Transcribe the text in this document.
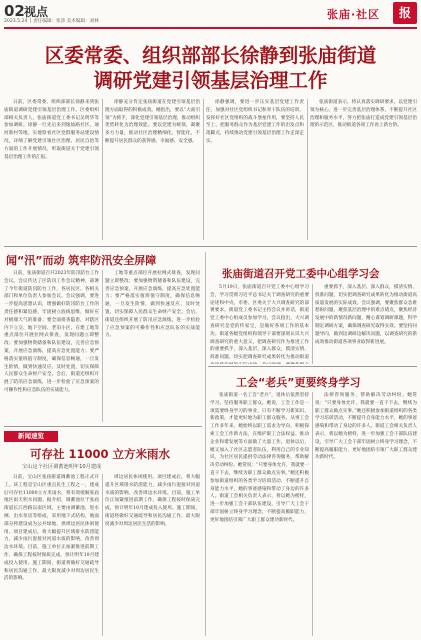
02 视点
2023.5.24 │ 责任编辑：张沛 美术编辑：刘林
张庙·社区	报
区委常委、组织部部长徐静到张庙街道
调研党建引领基层治理工作

日前，区委常委、组织部部长徐静来到张庙街道调研党建引领基层治理工作。区委组织部相关负责人，张庙街道党工委书记吴明华等参加调研。徐静一行先后来到逸仙路社区、通河新村等地，实地察看社区党群服务站建设情况，详细了解党建引领社区治理、居民自治等方面的工作开展情况，听取街道关于党建引领基层治理工作的汇报。

徐静充分肯定张庙街道在党建引领基层治理方面取得的积极成效。她指出，要以“大战引领”为抓手，深化党建引领基层治理，推动组织优势转化为治理效能。要以党建为统领，凝聚多方力量，推动社区治理精细化、智能化，不断提升居民群众的获得感、幸福感、安全感。

徐静强调，要进一步压实基层党建工作责任，加强对社区党组织书记和骨干队伍的培训，发挥好社区党组织的战斗堡垒作用，要坚持人民至上，把服务群众作为基层党建工作的出发点和落脚点，持续推动党建引领基层治理工作走深走实。

张庙街道表示，将认真落实调研要求，以党建引领为核心，进一步完善基层治理体系，不断提升社区治理和服务水平，努力把张庙打造成党建引领基层治理的示范区，推动街道各项工作再上新台阶。

闻“汛”而动 筑牢防汛安全屏障

日前，张庙街道召开2023年防汛防台工作会议。会议传达了区防汛工作会议精神，部署了今年街道防汛防台工作，各居民区、各相关部门和单位负责人参加会议。会议强调，要进一步提高思想认识，增强做好防汛防台工作的责任感和紧迫感，牢固树立底线思维，做好应对极端天气的准备；要全面排查隐患，对辖区内下立交、地下空间、老旧小区、在建工地等重点部位开展拉网式排查，发现问题立即整改；要加强物资储备和队伍建设，完善应急预案，开展应急演练，提高应急处置能力；要严格落实值班值守制度，确保信息畅通，一旦发生险情，做到快速反应、及时处置，切实保障人民群众生命财产安全。会后，街道还组织开展了防汛应急演练，进一步检验了应急预案的可操作性和应急队伍的实战能力。

工地等重点部位开展拉网式排查，发现问题立即整改；要加强物资储备和队伍建设，完善应急预案，开展应急演练，提高应急处置能力；要严格落实值班值守制度，确保信息畅通，一旦发生险情，做到快速反应、及时处置，切实保障人民群众生命财产安全。会后，街道还组织开展了防汛应急演练，进一步检验了应急预案的可操作性和应急队伍的实战能力。

新闻速览
可存社 11000 立方米雨水
宝山这个社区调蓄池明年10月建成

日前，宝山区张庙街道调蓄池工程正式开工。该工程是宝山区重点民生工程之一，建成后可存社11000立方米雨水，将有效缓解张庙地区雨天积水问题。据介绍，调蓄池位于张庙街道长江西路以南区域，主要由调蓄池、进水闸、出水泵房等组成，采用地下式结构，地面部分将建设成为公共绿地，供周边居民休闲使用。项目建成后，将大幅提升区域排水防涝能力，减少雨污混接对河道水质的影响，改善周边水环境。目前，施工单位正加紧推进前期工作，确保工程按时保质完成，预计明年10月建成投入使用。施工期间，街道将做好交通疏导和居民沟通工作，最大限度减少对周边居民生活的影响。

周边居民休闲使用。项目建成后，将大幅提升区域排水防涝能力，减少雨污混接对河道水质的影响，改善周边水环境。目前，施工单位正加紧推进前期工作，确保工程按时保质完成，预计明年10月建成投入使用。施工期间，街道将做好交通疏导和居民沟通工作，最大限度减少对周边居民生活的影响。

张庙街道召开党工委中心组学习会

5月19日，张庙街道召开党工委中心组学习会，学习贯彻习近平总书记关于调查研究的重要论述和中央、市委、区委关于大兴调查研究的部署要求。街道党工委书记主持会议并讲话，街道党工委中心组成员参加学习。会议指出，大兴调查研究是党的传家宝，是做好各项工作的基本功。街道各级党组织和领导干部要深刻认识大兴调查研究的重大意义，把调查研究作为推进工作的重要抓手，深入基层、深入群众，摸清实情、找准问题，切实把调查研究成果转化为推动街道

重要抓手，深入基层、深入群众，摸清实情、找准问题，切实把调查研究成果转化为推动街道高质量发展的实际成效。会议强调，要聚焦群众急难愁盼问题，聚焦基层治理中的难点堵点，聚焦经济发展中的新情况新问题，精心谋划调研课题，科学制定调研方案，确保调查研究取得实效。要坚持问题导向，做到边调研边解决问题，以调查研究的新成效推动街道各项事业取得新进展。

工会“老兵”更要终身学习

张庙街道一名工会“老兵”，退休后依然坚持学习、坚持服务职工群众。她说，工会工作是一项需要终身学习的事业，只有不断学习新知识、新政策，才能更好地为职工群众服务。从事工会工作多年来，她始终以职工需求为导向，积极探索工会工作新方法，在维护职工合法权益、推动企业和谐发展等方面做了大量工作。退休以后，她又加入了社区志愿者队伍，利用自己的专业知识，为社区居民提供劳动法律咨询服务，帮助解决劳动纠纷。她常说：“只要身体允许，我就要一直干下去，继续为职工群众做点实事。”她还积极参加街道组织的各类学习培训活动，不断提升自身能力水平，她的事迹感染和带动了身边的许多人。街道工会相关负责人表示，将以她为榜样，进一步加强工会干部队伍建设，引导广大工会干部牢固树立终身学习理念，不断提高履职能力，更好地团结引领广大职工群众建功新时代。

法律咨询服务，帮助解决劳动纠纷。她常说：“只要身体允许，我就要一直干下去，继续为职工群众做点实事。”她还积极参加街道组织的各类学习培训活动，不断提升自身能力水平，她的事迹感染和带动了身边的许多人。街道工会相关负责人表示，将以她为榜样，进一步加强工会干部队伍建设，引导广大工会干部牢固树立终身学习理念，不断提高履职能力，更好地团结引领广大职工群众建功新时代。
